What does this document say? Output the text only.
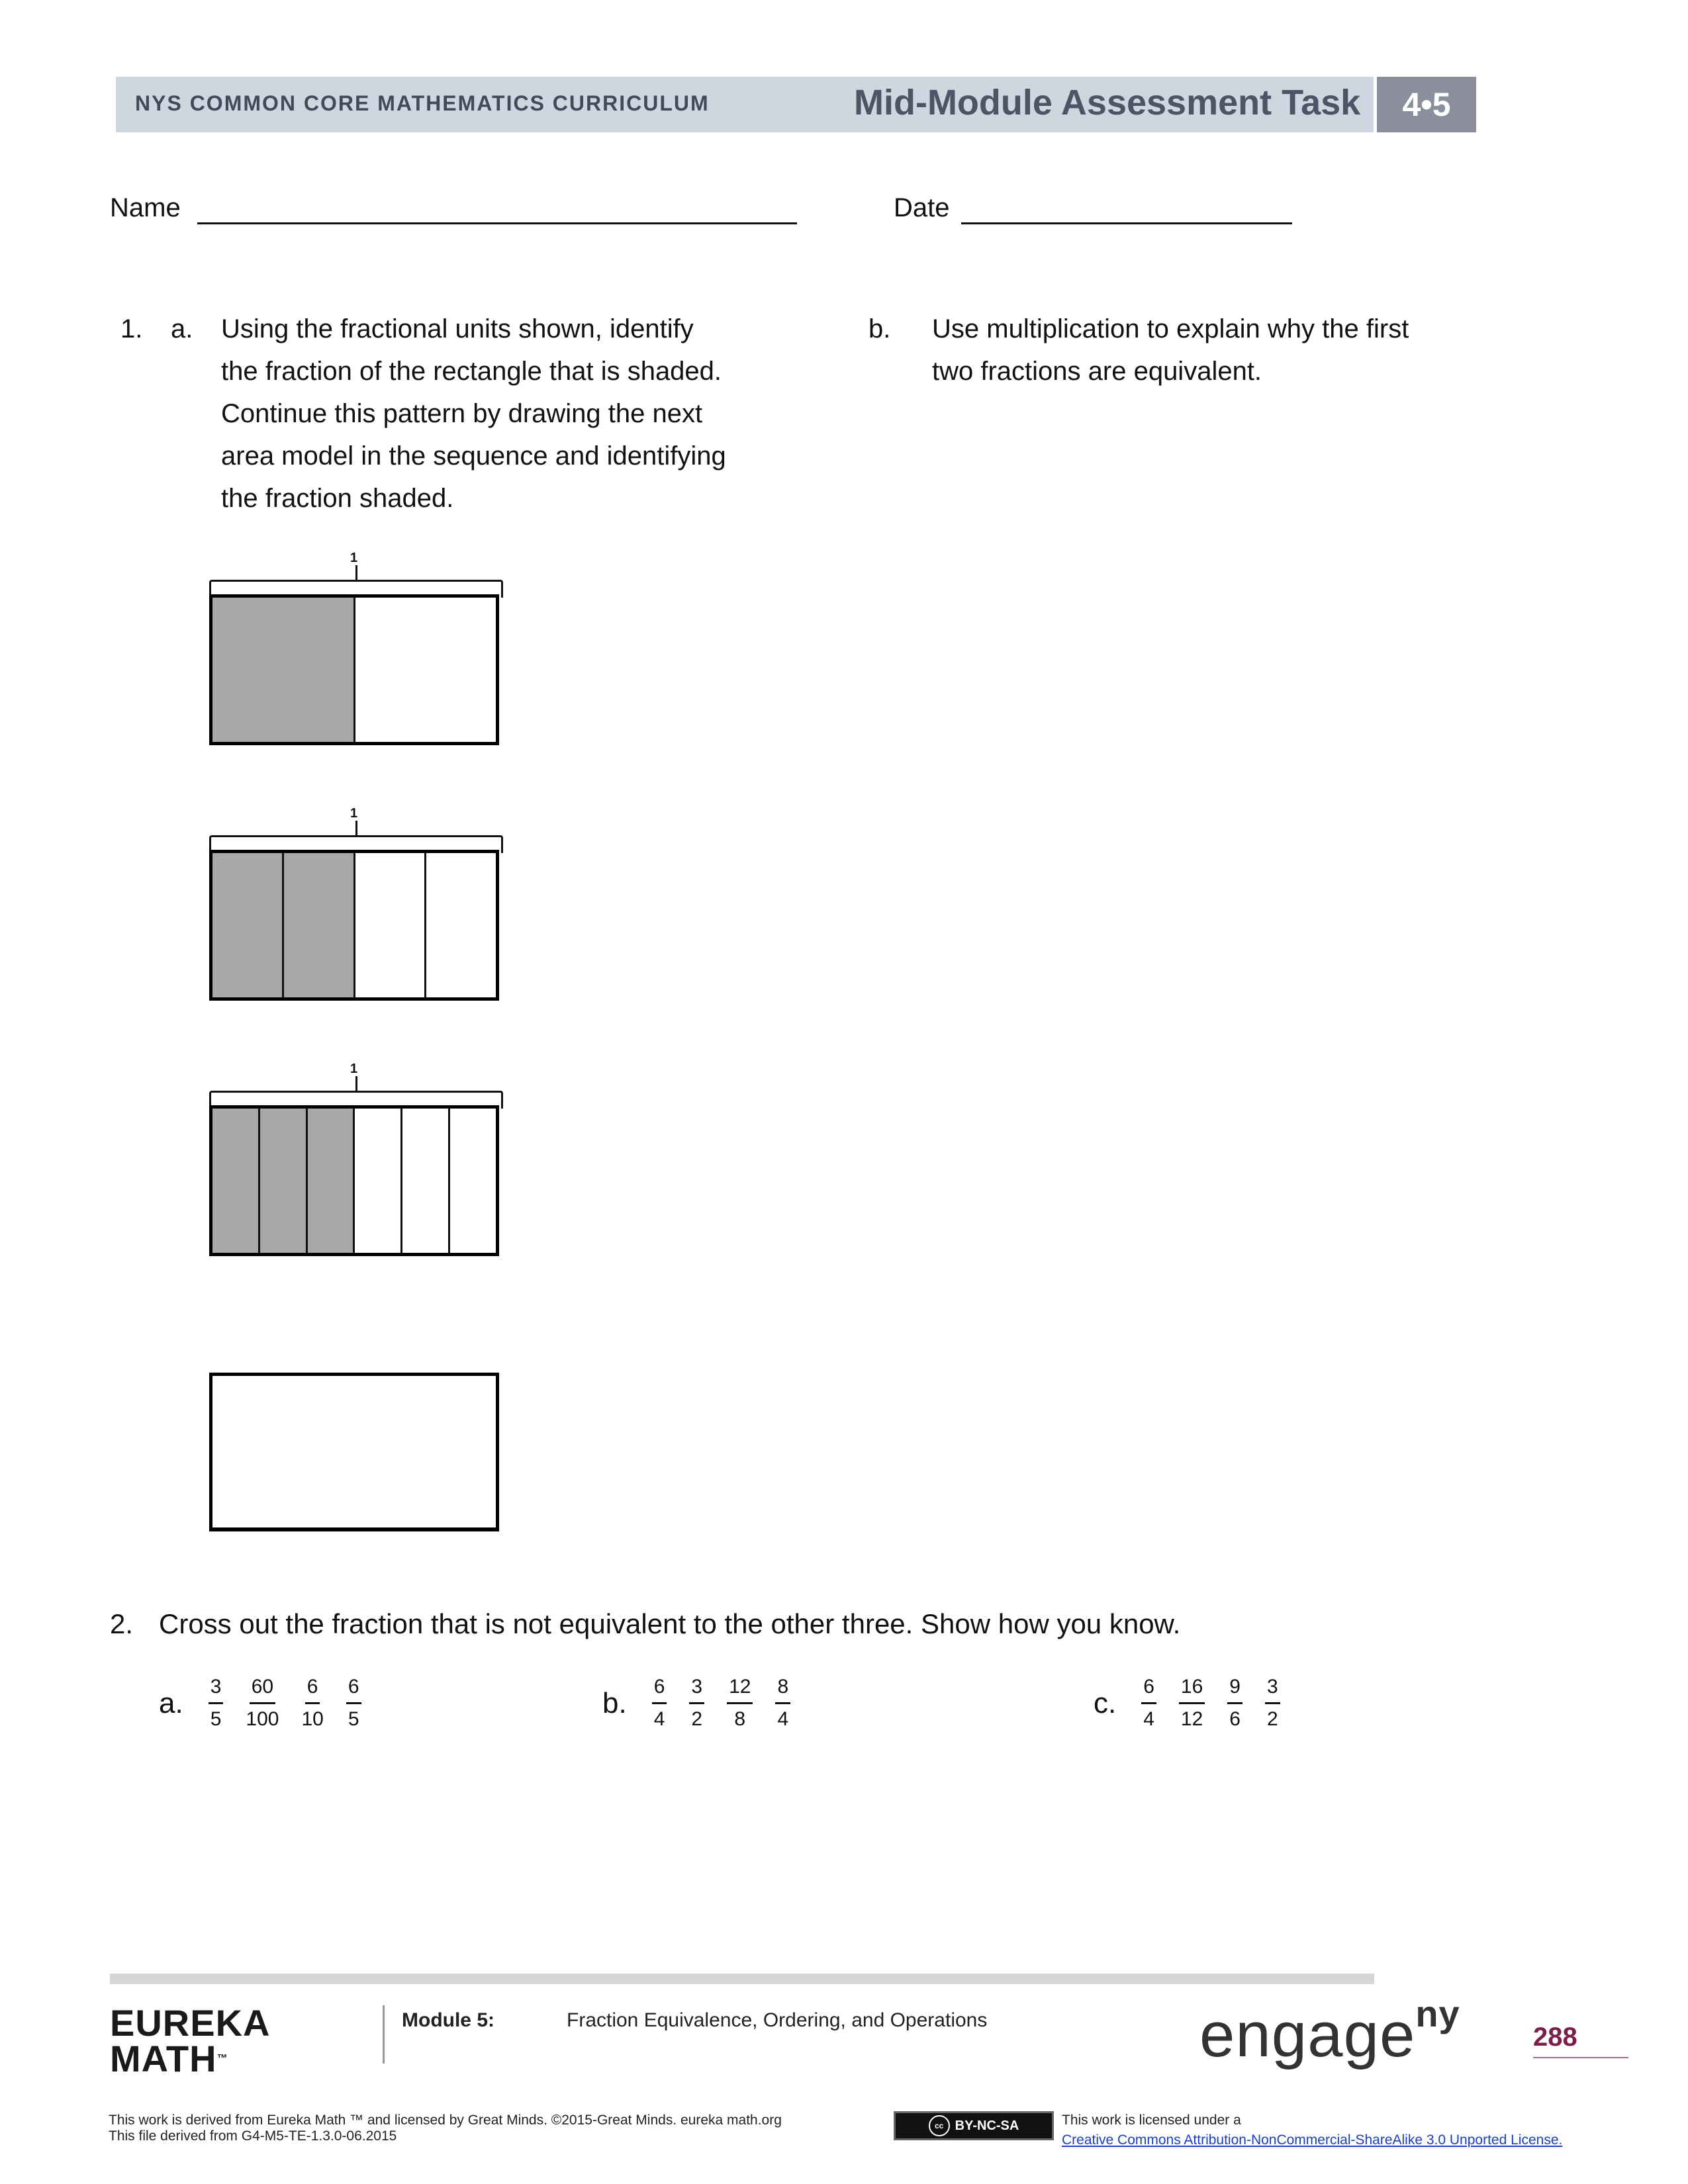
NYS COMMON CORE MATHEMATICS CURRICULUM	Mid-Module Assessment Task	4•5
Name	Date
1. a. Using the fractional units shown, identify
the fraction of the rectangle that is shaded.
Continue this pattern by drawing the next
area model in the sequence and identifying
the fraction shaded.
b. Use multiplication to explain why the first
two fractions are equivalent.
1
1
1
2. Cross out the fraction that is not equivalent to the other three. Show how you know.
a. $\frac{3}{5} \frac{60}{100} \frac{6}{10} \frac{6}{5}$	b. $\frac{6}{4} \frac{3}{2} \frac{12}{8} \frac{8}{4}$	c. $\frac{6}{4} \frac{16}{12} \frac{9}{6} \frac{3}{2}$
EUREKA
MATH™
Module 5:	Fraction Equivalence, Ordering, and Operations	engage$^{ny}$
288
This work is derived from Eureka Math ™ and licensed by Great Minds. ©2015-Great Minds. eureka math.org
This file derived from G4-M5-TE-1.3.0-06.2015
cc BY-NC-SA	This work is licensed under a
Creative Commons Attribution-NonCommercial-ShareAlike 3.0 Unported License.
